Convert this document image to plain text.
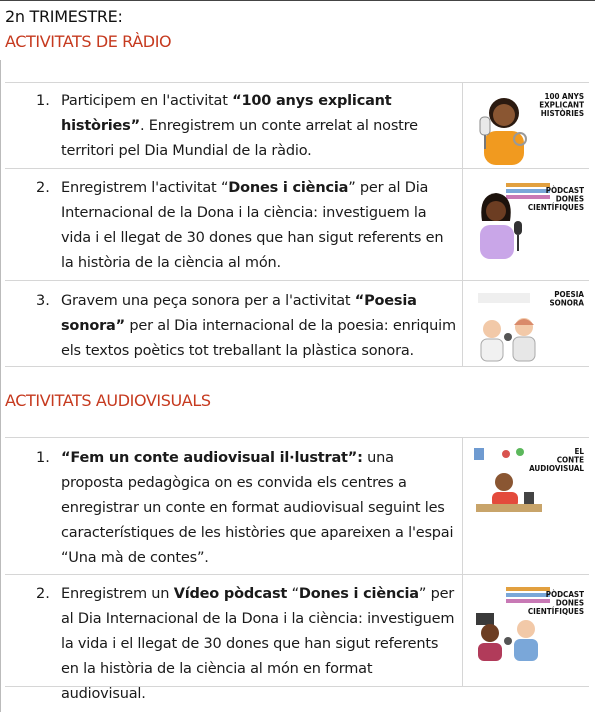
2n TRIMESTRE:
ACTIVITATS DE RÀDIO
1. Participem en l'activitat “100 anys explicant històries”. Enregistrem un conte arrelat al nostre territori pel Dia Mundial de la ràdio.
100 ANYS EXPLICANT HISTÒRIES
2. Enregistrem l'activitat “Dones i ciència” per al Dia Internacional de la Dona i la ciència: investiguem la vida i el llegat de 30 dones que han sigut referents en la història de la ciència al món.
PÒDCAST DONES CIENTÍFIQUES
3. Gravem una peça sonora per a l'activitat “Poesia sonora” per al Dia internacional de la poesia: enriquim els textos poètics tot treballant la plàstica sonora.
POESIA SONORA
ACTIVITATS AUDIOVISUALS
1. “Fem un conte audiovisual il·lustrat”: una proposta pedagògica on es convida els centres a enregistrar un conte en format audiovisual seguint les característiques de les històries que apareixen a l'espai “Una mà de contes”.
EL CONTE AUDIOVISUAL
2. Enregistrem un Vídeo pòdcast “Dones i ciència” per al Dia Internacional de la Dona i la ciència: investiguem la vida i el llegat de 30 dones que han sigut referents en la història de la ciència al món en format audiovisual.
PÒDCAST DONES CIENTÍFIQUES
